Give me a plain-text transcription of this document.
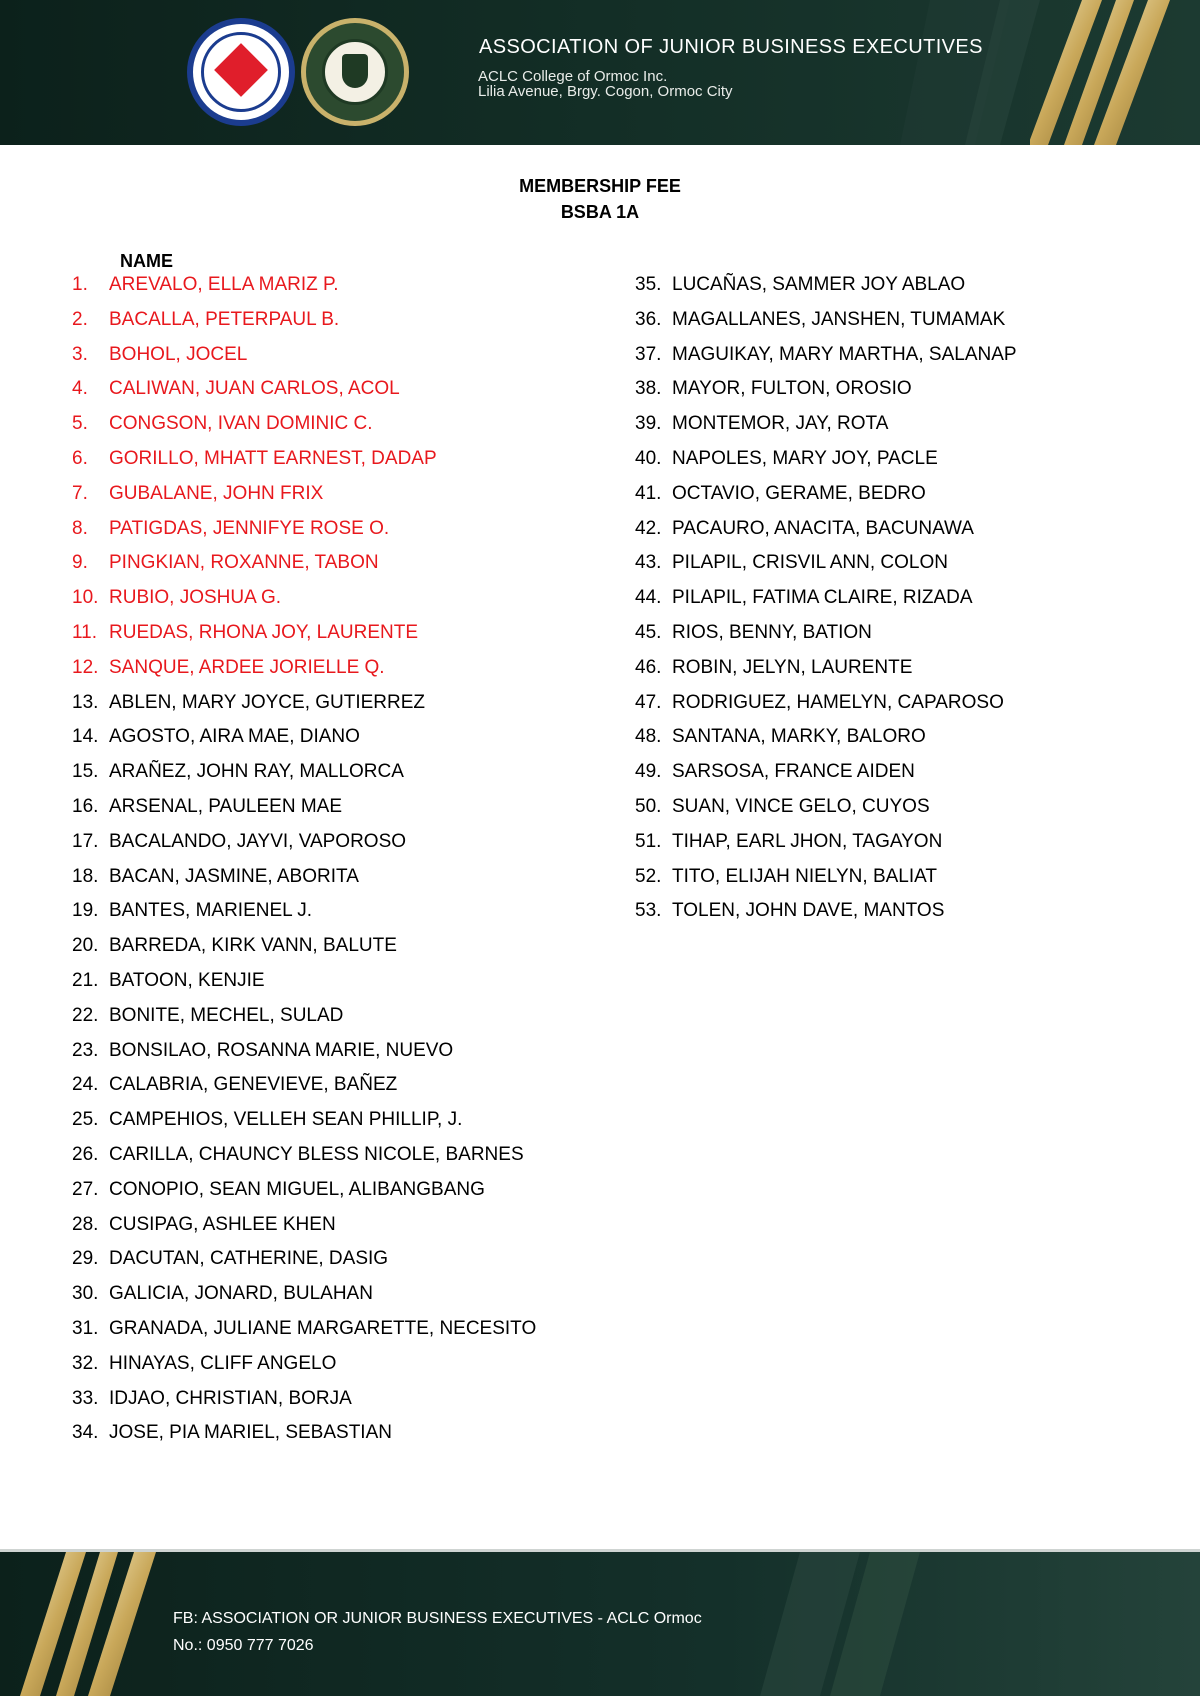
ASSOCIATION OF JUNIOR BUSINESS EXECUTIVES
ACLC College of Ormoc Inc.
Lilia Avenue, Brgy. Cogon, Ormoc City
MEMBERSHIP FEE
BSBA 1A
NAME
1.	AREVALO, ELLA MARIZ P.
2.	BACALLA, PETERPAUL B.
3.	BOHOL, JOCEL
4.	CALIWAN, JUAN CARLOS, ACOL
5.	CONGSON, IVAN DOMINIC C.
6.	GORILLO, MHATT EARNEST, DADAP
7.	GUBALANE, JOHN FRIX
8.	PATIGDAS, JENNIFYE ROSE O.
9.	PINGKIAN, ROXANNE, TABON
10. RUBIO, JOSHUA G.
11. RUEDAS, RHONA JOY, LAURENTE
12. SANQUE, ARDEE JORIELLE Q.
13. ABLEN, MARY JOYCE, GUTIERREZ
14. AGOSTO, AIRA MAE, DIANO
15. ARAÑEZ, JOHN RAY, MALLORCA
16. ARSENAL, PAULEEN MAE
17. BACALANDO, JAYVI, VAPOROSO
18. BACAN, JASMINE, ABORITA
19. BANTES, MARIENEL J.
20. BARREDA, KIRK VANN, BALUTE
21. BATOON, KENJIE
22. BONITE, MECHEL, SULAD
23. BONSILAO, ROSANNA MARIE, NUEVO
24. CALABRIA, GENEVIEVE, BAÑEZ
25. CAMPEHIOS, VELLEH SEAN PHILLIP, J.
26. CARILLA, CHAUNCY BLESS NICOLE, BARNES
27. CONOPIO, SEAN MIGUEL, ALIBANGBANG
28. CUSIPAG, ASHLEE KHEN
29. DACUTAN, CATHERINE, DASIG
30. GALICIA, JONARD, BULAHAN
31. GRANADA, JULIANE MARGARETTE, NECESITO
32. HINAYAS, CLIFF ANGELO
33. IDJAO, CHRISTIAN, BORJA
34. JOSE, PIA MARIEL, SEBASTIAN
35. LUCAÑAS, SAMMER JOY ABLAO
36. MAGALLANES, JANSHEN, TUMAMAK
37. MAGUIKAY, MARY MARTHA, SALANAP
38. MAYOR, FULTON, OROSIO
39. MONTEMOR, JAY, ROTA
40. NAPOLES, MARY JOY, PACLE
41. OCTAVIO, GERAME, BEDRO
42. PACAURO, ANACITA, BACUNAWA
43. PILAPIL, CRISVIL ANN, COLON
44. PILAPIL, FATIMA CLAIRE, RIZADA
45. RIOS, BENNY, BATION
46. ROBIN, JELYN, LAURENTE
47. RODRIGUEZ, HAMELYN, CAPAROSO
48. SANTANA, MARKY, BALORO
49. SARSOSA, FRANCE AIDEN
50. SUAN, VINCE GELO, CUYOS
51. TIHAP, EARL JHON, TAGAYON
52. TITO, ELIJAH NIELYN, BALIAT
53. TOLEN, JOHN DAVE, MANTOS
FB: ASSOCIATION OR JUNIOR BUSINESS EXECUTIVES - ACLC Ormoc
No.: 0950 777 7026
